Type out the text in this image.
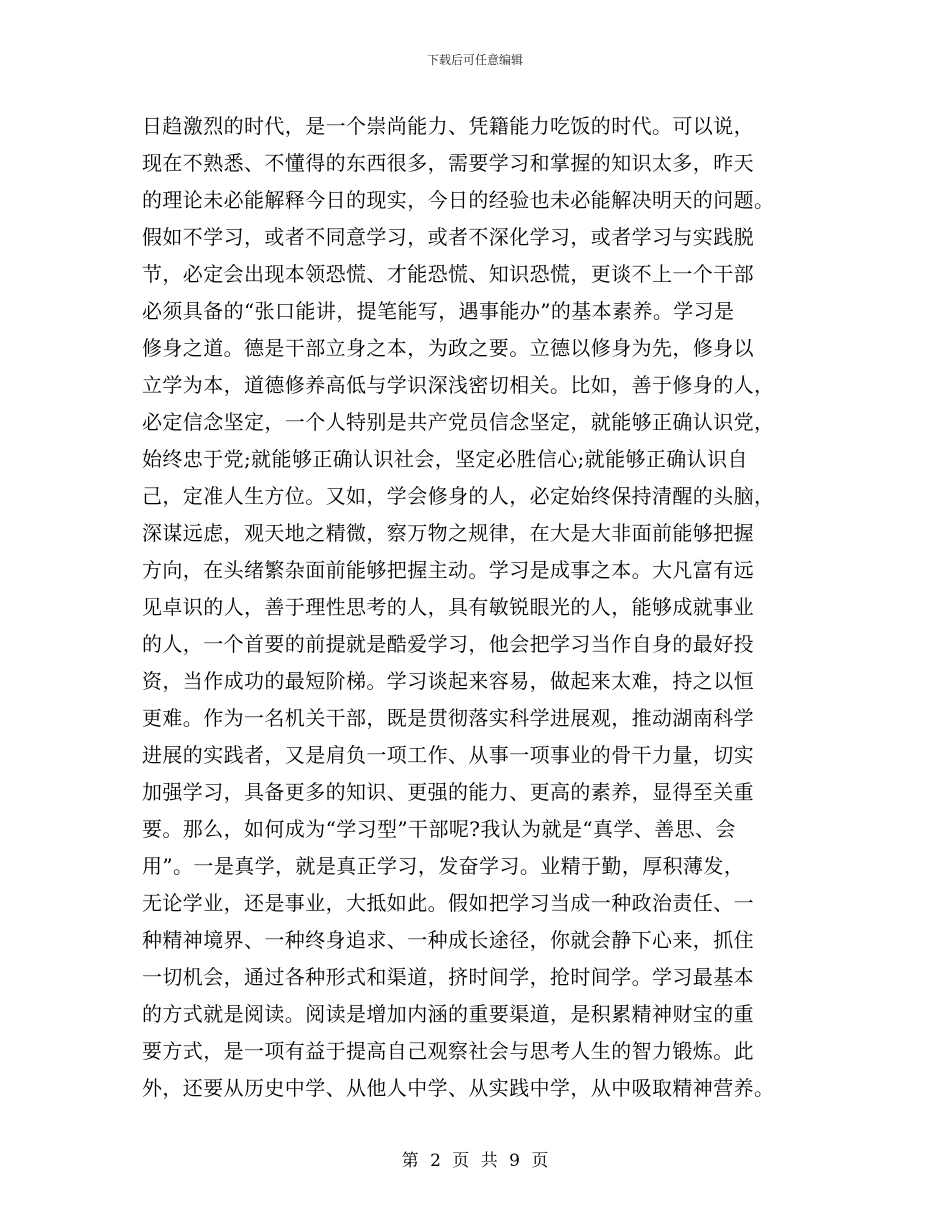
下载后可任意编辑
日趋激烈的时代，是一个崇尚能力、凭籍能力吃饭的时代。可以说，
现在不熟悉、不懂得的东西很多，需要学习和掌握的知识太多，昨天
的理论未必能解释今日的现实，今日的经验也未必能解决明天的问题。
假如不学习，或者不同意学习，或者不深化学习，或者学习与实践脱
节，必定会出现本领恐慌、才能恐慌、知识恐慌，更谈不上一个干部
必须具备的“张口能讲，提笔能写，遇事能办”的基本素养。学习是
修身之道。德是干部立身之本，为政之要。立德以修身为先，修身以
立学为本，道德修养高低与学识深浅密切相关。比如，善于修身的人，
必定信念坚定，一个人特别是共产党员信念坚定，就能够正确认识党，
始终忠于党;就能够正确认识社会，坚定必胜信心;就能够正确认识自
己，定准人生方位。又如，学会修身的人，必定始终保持清醒的头脑，
深谋远虑，观天地之精微，察万物之规律，在大是大非面前能够把握
方向，在头绪繁杂面前能够把握主动。学习是成事之本。大凡富有远
见卓识的人，善于理性思考的人，具有敏锐眼光的人，能够成就事业
的人，一个首要的前提就是酷爱学习，他会把学习当作自身的最好投
资，当作成功的最短阶梯。学习谈起来容易，做起来太难，持之以恒
更难。作为一名机关干部，既是贯彻落实科学进展观，推动湖南科学
进展的实践者，又是肩负一项工作、从事一项事业的骨干力量，切实
加强学习，具备更多的知识、更强的能力、更高的素养，显得至关重
要。那么，如何成为“学习型”干部呢?我认为就是“真学、善思、会
用”。一是真学，就是真正学习，发奋学习。业精于勤，厚积薄发，
无论学业，还是事业，大抵如此。假如把学习当成一种政治责任、一
种精神境界、一种终身追求、一种成长途径，你就会静下心来，抓住
一切机会，通过各种形式和渠道，挤时间学，抢时间学。学习最基本
的方式就是阅读。阅读是增加内涵的重要渠道，是积累精神财宝的重
要方式，是一项有益于提高自己观察社会与思考人生的智力锻炼。此
外，还要从历史中学、从他人中学、从实践中学，从中吸取精神营养。
第 2 页 共 9 页
